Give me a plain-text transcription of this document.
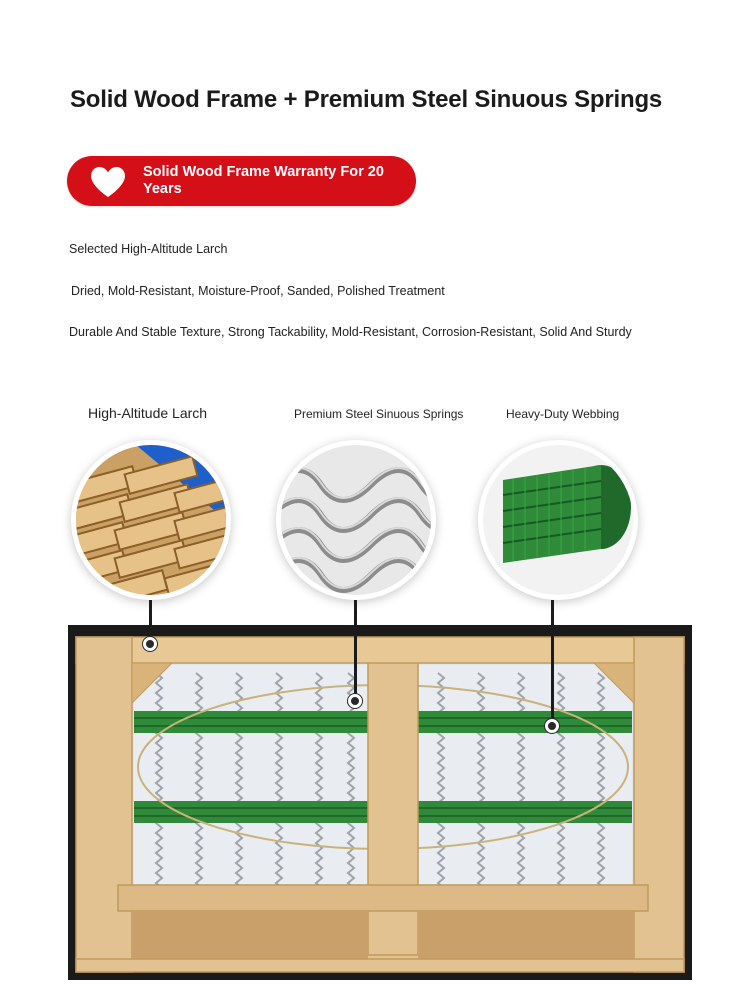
Solid Wood Frame + Premium Steel Sinuous Springs
Solid Wood Frame Warranty For 20 Years
Selected High-Altitude Larch
Dried, Mold-Resistant, Moisture-Proof, Sanded, Polished Treatment
Durable And Stable Texture, Strong Tackability, Mold-Resistant, Corrosion-Resistant, Solid And Sturdy
High-Altitude Larch	Premium Steel Sinuous Springs	Heavy-Duty Webbing
